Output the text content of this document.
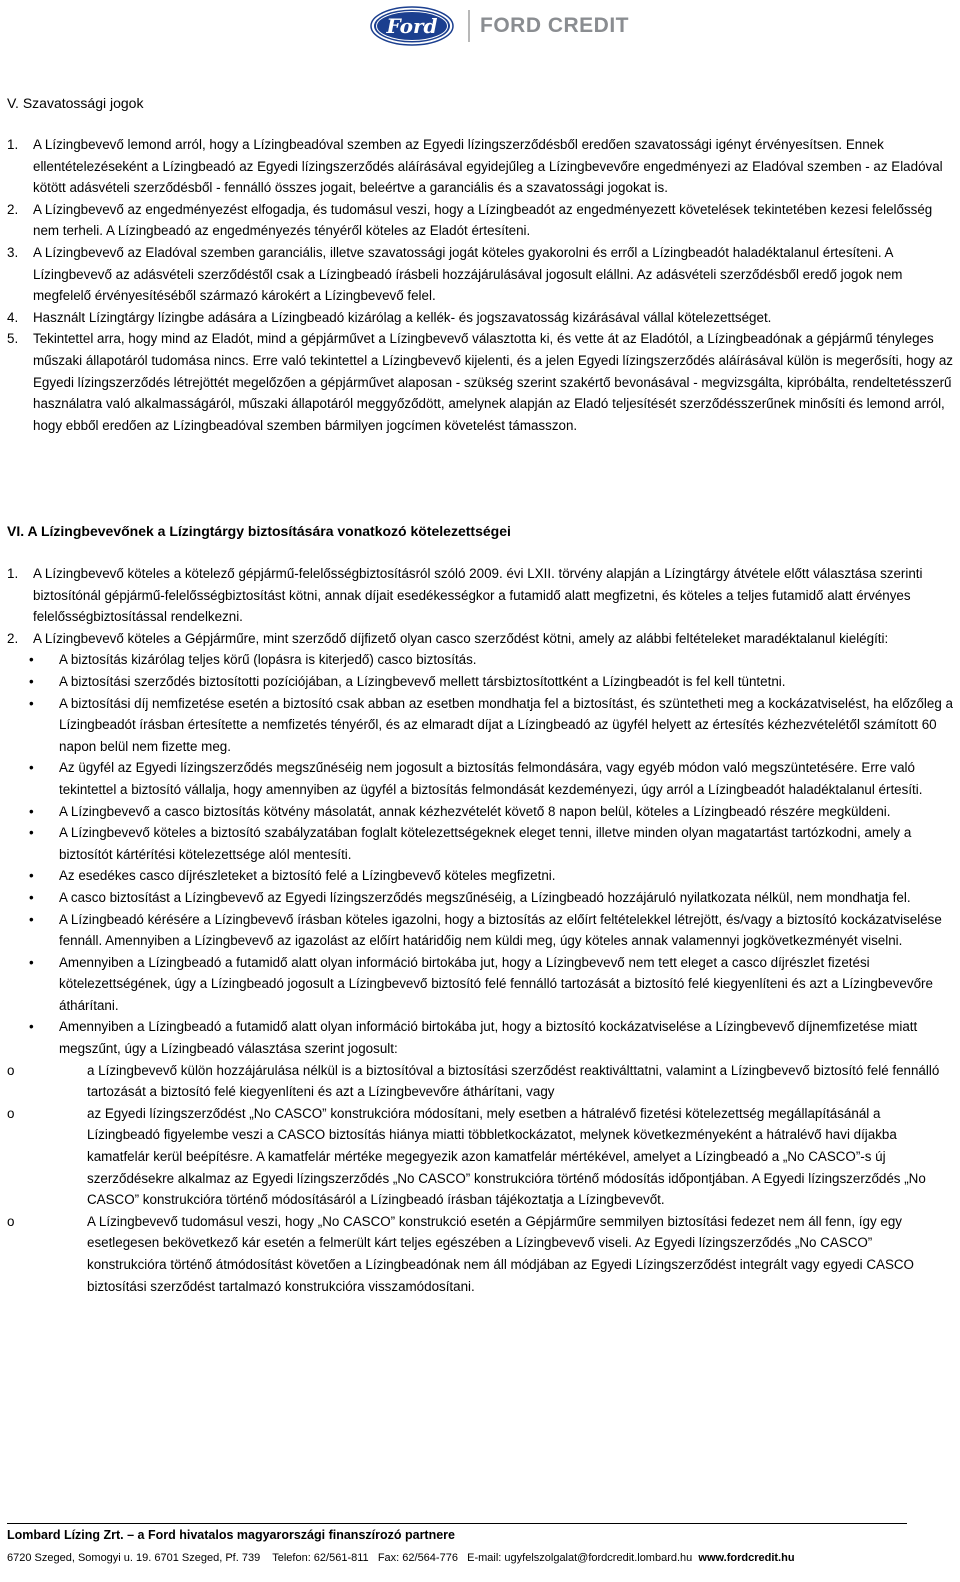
Ford FORD CREDIT
V. Szavatossági jogok

1. A Lízingbevevő lemond arról, hogy a Lízingbeadóval szemben az Egyedi lízingszerződésből eredően szavatossági igényt érvényesítsen. Ennek ellentételezéseként a Lízingbeadó az Egyedi lízingszerződés aláírásával egyidejűleg a Lízingbevevőre engedményezi az Eladóval szemben - az Eladóval kötött adásvételi szerződésből - fennálló összes jogait, beleértve a garanciális és a szavatossági jogokat is.

2. A Lízingbevevő az engedményezést elfogadja, és tudomásul veszi, hogy a Lízingbeadót az engedményezett követelések tekintetében kezesi felelősség nem terheli. A Lízingbeadó az engedményezés tényéről köteles az Eladót értesíteni.

3. A Lízingbevevő az Eladóval szemben garanciális, illetve szavatossági jogát köteles gyakorolni és erről a Lízingbeadót haladéktalanul értesíteni. A Lízingbevevő az adásvételi szerződéstől csak a Lízingbeadó írásbeli hozzájárulásával jogosult elállni. Az adásvételi szerződésből eredő jogok nem megfelelő érvényesítéséből származó károkért a Lízingbevevő felel.

4. Használt Lízingtárgy lízingbe adására a Lízingbeadó kizárólag a kellék- és jogszavatosság kizárásával vállal kötelezettséget.

5. Tekintettel arra, hogy mind az Eladót, mind a gépjárművet a Lízingbevevő választotta ki, és vette át az Eladótól, a Lízingbeadónak a gépjármű tényleges műszaki állapotáról tudomása nincs. Erre való tekintettel a Lízingbevevő kijelenti, és a jelen Egyedi lízingszerződés aláírásával külön is megerősíti, hogy az Egyedi lízingszerződés létrejöttét megelőzően a gépjárművet alaposan - szükség szerint szakértő bevonásával - megvizsgálta, kipróbálta, rendeltetésszerű használatra való alkalmasságáról, műszaki állapotáról meggyőződött, amelynek alapján az Eladó teljesítését szerződésszerűnek minősíti és lemond arról, hogy ebből eredően az Lízingbeadóval szemben bármilyen jogcímen követelést támasszon.

VI. A Lízingbevevőnek a Lízingtárgy biztosítására vonatkozó kötelezettségei

1. A Lízingbevevő köteles a kötelező gépjármű-felelősségbiztosításról szóló 2009. évi LXII. törvény alapján a Lízingtárgy átvétele előtt választása szerinti biztosítónál gépjármű-felelősségbiztosítást kötni, annak díjait esedékességkor a futamidő alatt megfizetni, és köteles a teljes futamidő alatt érvényes felelősségbiztosítással rendelkezni.

2. A Lízingbevevő köteles a Gépjárműre, mint szerződő díjfizető olyan casco szerződést kötni, amely az alábbi feltételeket maradéktalanul kielégíti:

• A biztosítás kizárólag teljes körű (lopásra is kiterjedő) casco biztosítás.

• A biztosítási szerződés biztosítotti pozíciójában, a Lízingbevevő mellett társbiztosítottként a Lízingbeadót is fel kell tüntetni.

• A biztosítási díj nemfizetése esetén a biztosító csak abban az esetben mondhatja fel a biztosítást, és szüntetheti meg a kockázatviselést, ha előzőleg a Lízingbeadót írásban értesítette a nemfizetés tényéről, és az elmaradt díjat a Lízingbeadó az ügyfél helyett az értesítés kézhezvételétől számított 60 napon belül nem fizette meg.

• Az ügyfél az Egyedi lízingszerződés megszűnéséig nem jogosult a biztosítás felmondására, vagy egyéb módon való megszüntetésére. Erre való tekintettel a biztosító vállalja, hogy amennyiben az ügyfél a biztosítás felmondását kezdeményezi, úgy arról a Lízingbeadót haladéktalanul értesíti.

• A Lízingbevevő a casco biztosítás kötvény másolatát, annak kézhezvételét követő 8 napon belül, köteles a Lízingbeadó részére megküldeni.

• A Lízingbevevő köteles a biztosító szabályzatában foglalt kötelezettségeknek eleget tenni, illetve minden olyan magatartást tartózkodni, amely a biztosítót kártérítési kötelezettsége alól mentesíti.

• Az esedékes casco díjrészleteket a biztosító felé a Lízingbevevő köteles megfizetni.

• A casco biztosítást a Lízingbevevő az Egyedi lízingszerződés megszűnéséig, a Lízingbeadó hozzájáruló nyilatkozata nélkül, nem mondhatja fel.

• A Lízingbeadó kérésére a Lízingbevevő írásban köteles igazolni, hogy a biztosítás az előírt feltételekkel létrejött, és/vagy a biztosító kockázatviselése fennáll. Amennyiben a Lízingbevevő az igazolást az előírt határidőig nem küldi meg, úgy köteles annak valamennyi jogkövetkezményét viselni.

• Amennyiben a Lízingbeadó a futamidő alatt olyan információ birtokába jut, hogy a Lízingbevevő nem tett eleget a casco díjrészlet fizetési kötelezettségének, úgy a Lízingbeadó jogosult a Lízingbevevő biztosító felé fennálló tartozását a biztosító felé kiegyenlíteni és azt a Lízingbevevőre áthárítani.

• Amennyiben a Lízingbeadó a futamidő alatt olyan információ birtokába jut, hogy a biztosító kockázatviselése a Lízingbevevő díjnemfizetése miatt megszűnt, úgy a Lízingbeadó választása szerint jogosult:

o	a Lízingbevevő külön hozzájárulása nélkül is a biztosítóval a biztosítási szerződést reaktiválttatni, valamint a Lízingbevevő biztosító felé fennálló tartozását a biztosító felé kiegyenlíteni és azt a Lízingbevevőre áthárítani, vagy

o	az Egyedi lízingszerződést „No CASCO” konstrukcióra módosítani, mely esetben a hátralévő fizetési kötelezettség megállapításánál a Lízingbeadó figyelembe veszi a CASCO biztosítás hiánya miatti többletkockázatot, melynek következményeként a hátralévő havi díjakba kamatfelár kerül beépítésre. A kamatfelár mértéke megegyezik azon kamatfelár mértékével, amelyet a Lízingbeadó a „No CASCO”-s új szerződésekre alkalmaz az Egyedi lízingszerződés „No CASCO” konstrukcióra történő módosítás időpontjában. A Egyedi lízingszerződés „No CASCO” konstrukcióra történő módosításáról a Lízingbeadó írásban tájékoztatja a Lízingbevevőt.

o	A Lízingbevevő tudomásul veszi, hogy „No CASCO” konstrukció esetén a Gépjárműre semmilyen biztosítási fedezet nem áll fenn, így egy esetlegesen bekövetkező kár esetén a felmerült kárt teljes egészében a Lízingbevevő viseli. Az Egyedi lízingszerződés „No CASCO” konstrukcióra történő átmódosítást követően a Lízingbeadónak nem áll módjában az Egyedi Lízingszerződést integrált vagy egyedi CASCO biztosítási szerződést tartalmazó konstrukcióra visszamódosítani.

Lombard Lízing Zrt. – a Ford hivatalos magyarországi finanszírozó partnere
6720 Szeged, Somogyi u. 19. 6701 Szeged, Pf. 739 Telefon: 62/561-811 Fax: 62/564-776 E-mail: ugyfelszolgalat@fordcredit.lombard.hu www.fordcredit.hu
